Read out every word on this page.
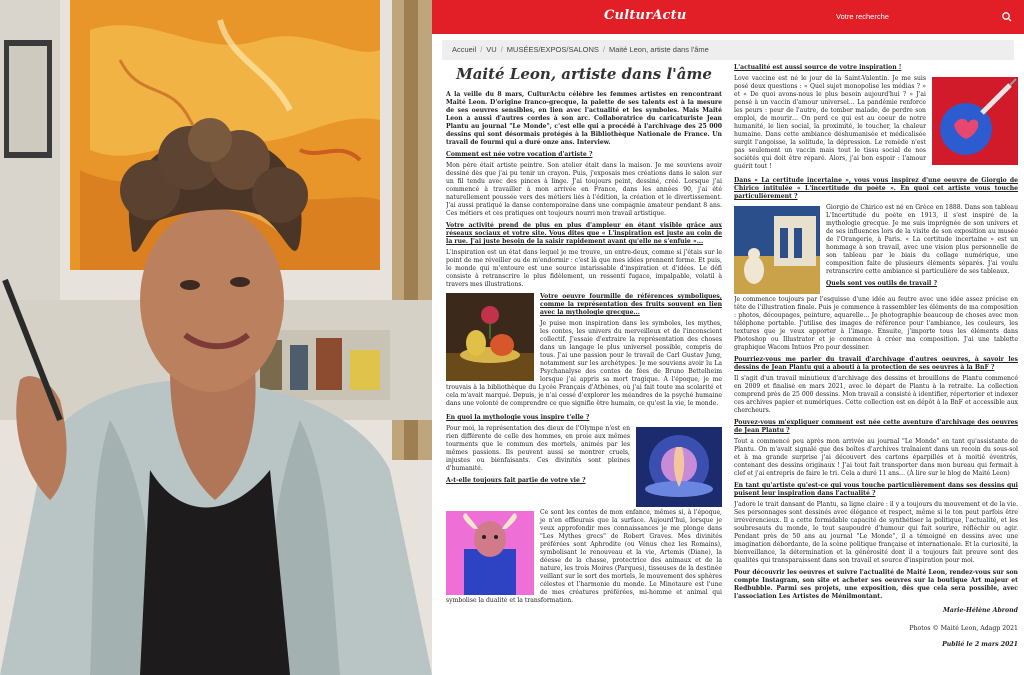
CulturActu	Votre recherche
Accueil / VU / MUSÉES/EXPOS/SALONS / Maité Leon, artiste dans l'âme
Maité Leon, artiste dans l'âme

A la veille du 8 mars, CulturActu célèbre les femmes artistes en rencontrant Maité Leon. D'origine franco-grecque, la palette de ses talents est à la mesure de ses oeuvres sensibles, en lien avec l'actualité et les symboles. Mais Maité Leon a aussi d'autres cordes à son arc. Collaboratrice du caricaturiste Jean Plantu au journal "Le Monde", c'est elle qui a procédé à l'archivage des 25 000 dessins qui sont désormais protégés à la Bibliothèque Nationale de France. Un travail de fourmi qui a duré onze ans. Interview.

Comment est née votre vocation d'artiste ?

Mon père était artiste peintre. Son atelier était dans la maison. Je me souviens avoir dessiné dès que j'ai pu tenir un crayon. Puis, j'exposais mes créations dans le salon sur un fil tendu avec des pinces à linge. J'ai toujours peint, dessiné, créé. Lorsque j'ai commencé à travailler à mon arrivée en France, dans les années 90, j'ai été naturellement poussée vers des métiers liés à l'édition, la création et le divertissement. J'ai aussi pratiqué la danse contemporaine dans une compagnie amateur pendant 8 ans. Ces métiers et ces pratiques ont toujours nourri mon travail artistique.

Votre activité prend de plus en plus d'ampleur en étant visible grâce aux réseaux sociaux et votre site. Vous dites que « L'inspiration est juste au coin de la rue. J'ai juste besoin de la saisir rapidement avant qu'elle ne s'enfuie »...

L'inspiration est un état dans lequel je me trouve, un entre-deux, comme si j'étais sur le point de me réveiller ou de m'endormir : c'est là que mes idées prennent forme. Et puis, le monde qui m'entoure est une source intarissable d'inspiration et d'idées. Le défi consiste à retranscrire le plus fidèlement, un ressenti fugace, impalpable, volatil à travers mes illustrations.

Votre oeuvre fourmille de références symboliques, comme la représentation des fruits souvent en lien avec la mythologie grecque...

Je puise mon inspiration dans les symboles, les mythes, les contes, les univers du merveilleux et de l'inconscient collectif. J'essaie d'extraire la représentation des choses dans un langage le plus universel possible, compris de tous. J'ai une passion pour le travail de Carl Gustav Jung, notamment sur les archétypes. Je me souviens avoir lu La Psychanalyse des contes de fées de Bruno Bettelheim lorsque j'ai appris sa mort tragique. A l'époque, je me trouvais à la bibliothèque du Lycée Français d'Athènes, où j'ai fait toute ma scolarité et cela m'avait marqué. Depuis, je n'ai cessé d'explorer les méandres de la psyché humaine dans une volonté de comprendre ce que signifie être humain, ce qu'est la vie, le monde.

En quoi la mythologie vous inspire t'elle ?

Pour moi, la représentation des dieux de l'Olympe n'est en rien différente de celle des hommes, en proie aux mêmes tourments que le commun des mortels, animés par les mêmes passions. Ils peuvent aussi se montrer cruels, injustes ou bienfaisants. Ces divinités sont pleines d'humanité.

A-t-elle toujours fait partie de votre vie ?

Ce sont les contes de mon enfance, mêmes si, à l'époque, je n'en effleurais que la surface. Aujourd'hui, lorsque je veux approfondir mes connaissances je me plonge dans "Les Mythes grecs" de Robert Graves. Mes divinités préférées sont Aphrodite (ou Vénus chez les Romains), symbolisant le renouveau et la vie, Artemis (Diane), la déesse de la chasse, protectrice des animaux et de la nature, les trois Moires (Parques), tisseuses de la destinée veillant sur le sort des mortels, le mouvement des sphères célestes et l'harmonie du monde. Le Minotaure est l'une de mes créatures préférées, mi-homme et animal qui symbolise la dualité et la transformation.

L'actualité est aussi source de votre inspiration !

Love vaccine est né le jour de la Saint-Valentin. Je me suis posé deux questions : « Quel sujet monopolise les médias ? » et « De quoi avons-nous le plus besoin aujourd'hui ? » J'ai pensé à un vaccin d'amour universel… La pandémie renforce les peurs : peur de l'autre, de tomber malade, de perdre son emploi, de mourir… On perd ce qui est au coeur de notre humanité, le lien social, la proximité, le toucher, la chaleur humaine. Dans cette ambiance déshumanisée et médicalisée surgit l'angoisse, la solitude, la dépression. Le remède n'est pas seulement un vaccin mais tout le tissu social de nos sociétés qui doit être réparé. Alors, j'ai bon espoir : l'amour guérit tout !

Dans « La certitude incertaine », vous vous inspirez d'une oeuvre de Giorgio de Chirico intitulée « L'incertitude du poète ». En quoi cet artiste vous touche particulièrement ?

Giorgio de Chirico est né en Grèce en 1888. Dans son tableau L'Incertitude du poète en 1913, il s'est inspiré de la mythologie grecque. Je me suis imprégnée de son univers et de ses influences lors de la visite de son exposition au musée de l'Orangerie, à Paris. « La certitude incertaine » est un hommage à son travail, avec une vision plus personnelle de son tableau par le biais du collage numérique, une composition faite de plusieurs éléments séparés. J'ai voulu retranscrire cette ambiance si particulière de ses tableaux.

Quels sont vos outils de travail ?

Je commence toujours par l'esquisse d'une idée au feutre avec une idée assez précise en tête de l'illustration finale. Puis je commence à rassembler les éléments de ma composition : photos, découpages, peinture, aquarelle… Je photographie beaucoup de choses avec mon téléphone portable. J'utilise des images de référence pour l'ambiance, les couleurs, les textures que je veux apporter à l'image. Ensuite, j'importe tous les éléments dans Photoshop ou Illustrator et je commence à créer ma composition. J'ai une tablette graphique Wacom Intuos Pro pour dessiner.

Pourriez-vous me parler du travail d'archivage d'autres oeuvres, à savoir les dessins de Jean Plantu qui a abouti à la protection de ses oeuvres à la BnF ?

Il s'agit d'un travail minutieux d'archivage des dessins et brouillons de Plantu commencé en 2009 et finalisé en mars 2021, avec le départ de Plantu à la retraite. La collection comprend près de 25 000 dessins. Mon travail a consisté à identifier, répertorier et indexer ces archives papier et numériques. Cette collection est en dépôt à la BnF et accessible aux chercheurs.

Pouvez-vous m'expliquer comment est née cette aventure d'archivage des oeuvres de Jean Plantu ?

Tout a commencé peu après mon arrivée au journal "Le Monde" en tant qu'assistante de Plantu. On m'avait signalé que des boîtes d'archives traînaient dans un recoin du sous-sol et à ma grande surprise j'ai découvert des cartons éparpillés et à moitié éventrés, contenant des dessins originaux ! J'ai tout fait transporter dans mon bureau qui fermait à clef et j'ai entrepris de faire le tri. Cela a duré 11 ans… (À lire sur le blog de Maité Leon)

En tant qu'artiste qu'est-ce qui vous touche particulièrement dans ses dessins qui puisent leur inspiration dans l'actualité ?

J'adore le trait dansant de Plantu, sa ligne claire : il y a toujours du mouvement et de la vie. Ses personnages sont dessinés avec élégance et respect, même si le ton peut parfois être irrévérencieux. Il a cette formidable capacité de synthétiser la politique, l'actualité, et les soubresauts du monde, le tout saupoudré d'humour qui fait sourire, réfléchir ou agir. Pendant près de 50 ans au journal "Le Monde", il a témoigné en dessins avec une imagination débordante, de la scène politique française et internationale. Et la curiosité, la bienveillance, la détermination et la générosité dont il a toujours fait preuve sont des qualités qui transparaissent dans son travail et source d'inspiration pour moi.

Pour découvrir les oeuvres et suivre l'actualité de Maité Leon, rendez-vous sur son compte Instagram, son site et acheter ses oeuvres sur la boutique Art majeur et Redbubble. Parmi ses projets, une exposition, dès que cela sera possible, avec l'association Les Artistes de Ménilmontant.

Marie-Hélène Abrond

Photos © Maité Leon, Adagp 2021

Publié le 2 mars 2021
